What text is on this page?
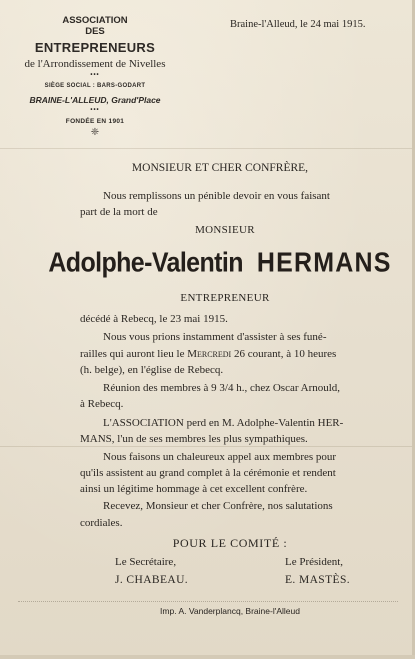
ASSOCIATION
DES
ENTREPRENEURS
de l'Arrondissement de Nivelles
•••
SIÈGE SOCIAL : BARS-GODART
BRAINE-L'ALLEUD, Grand'Place
•••
FONDÉE EN 1901
❈
Braine-l'Alleud, le 24 mai 1915.
MONSIEUR ET CHER CONFRÈRE,
Nous remplissons un pénible devoir en vous faisant
part de la mort de
MONSIEUR
Adolphe-Valentin HERMANS
ENTREPRENEUR
décédé à Rebecq, le 23 mai 1915.
Nous vous prions instamment d'assister à ses funé-
railles qui auront lieu le Mercredi 26 courant, à 10 heures
(h. belge), en l'église de Rebecq.
Réunion des membres à 9 3/4 h., chez Oscar Arnould,
à Rebecq.
L'ASSOCIATION perd en M. Adolphe-Valentin HER-
MANS, l'un de ses membres les plus sympathiques.
Nous faisons un chaleureux appel aux membres pour
qu'ils assistent au grand complet à la cérémonie et rendent
ainsi un légitime hommage à cet excellent confrère.
Recevez, Monsieur et cher Confrère, nos salutations
cordiales.
POUR LE COMITÉ :
Le Secrétaire,	Le Président,
J. CHABEAU.	E. MASTÈS.
Imp. A. Vanderplancq, Braine-l'Alleud
